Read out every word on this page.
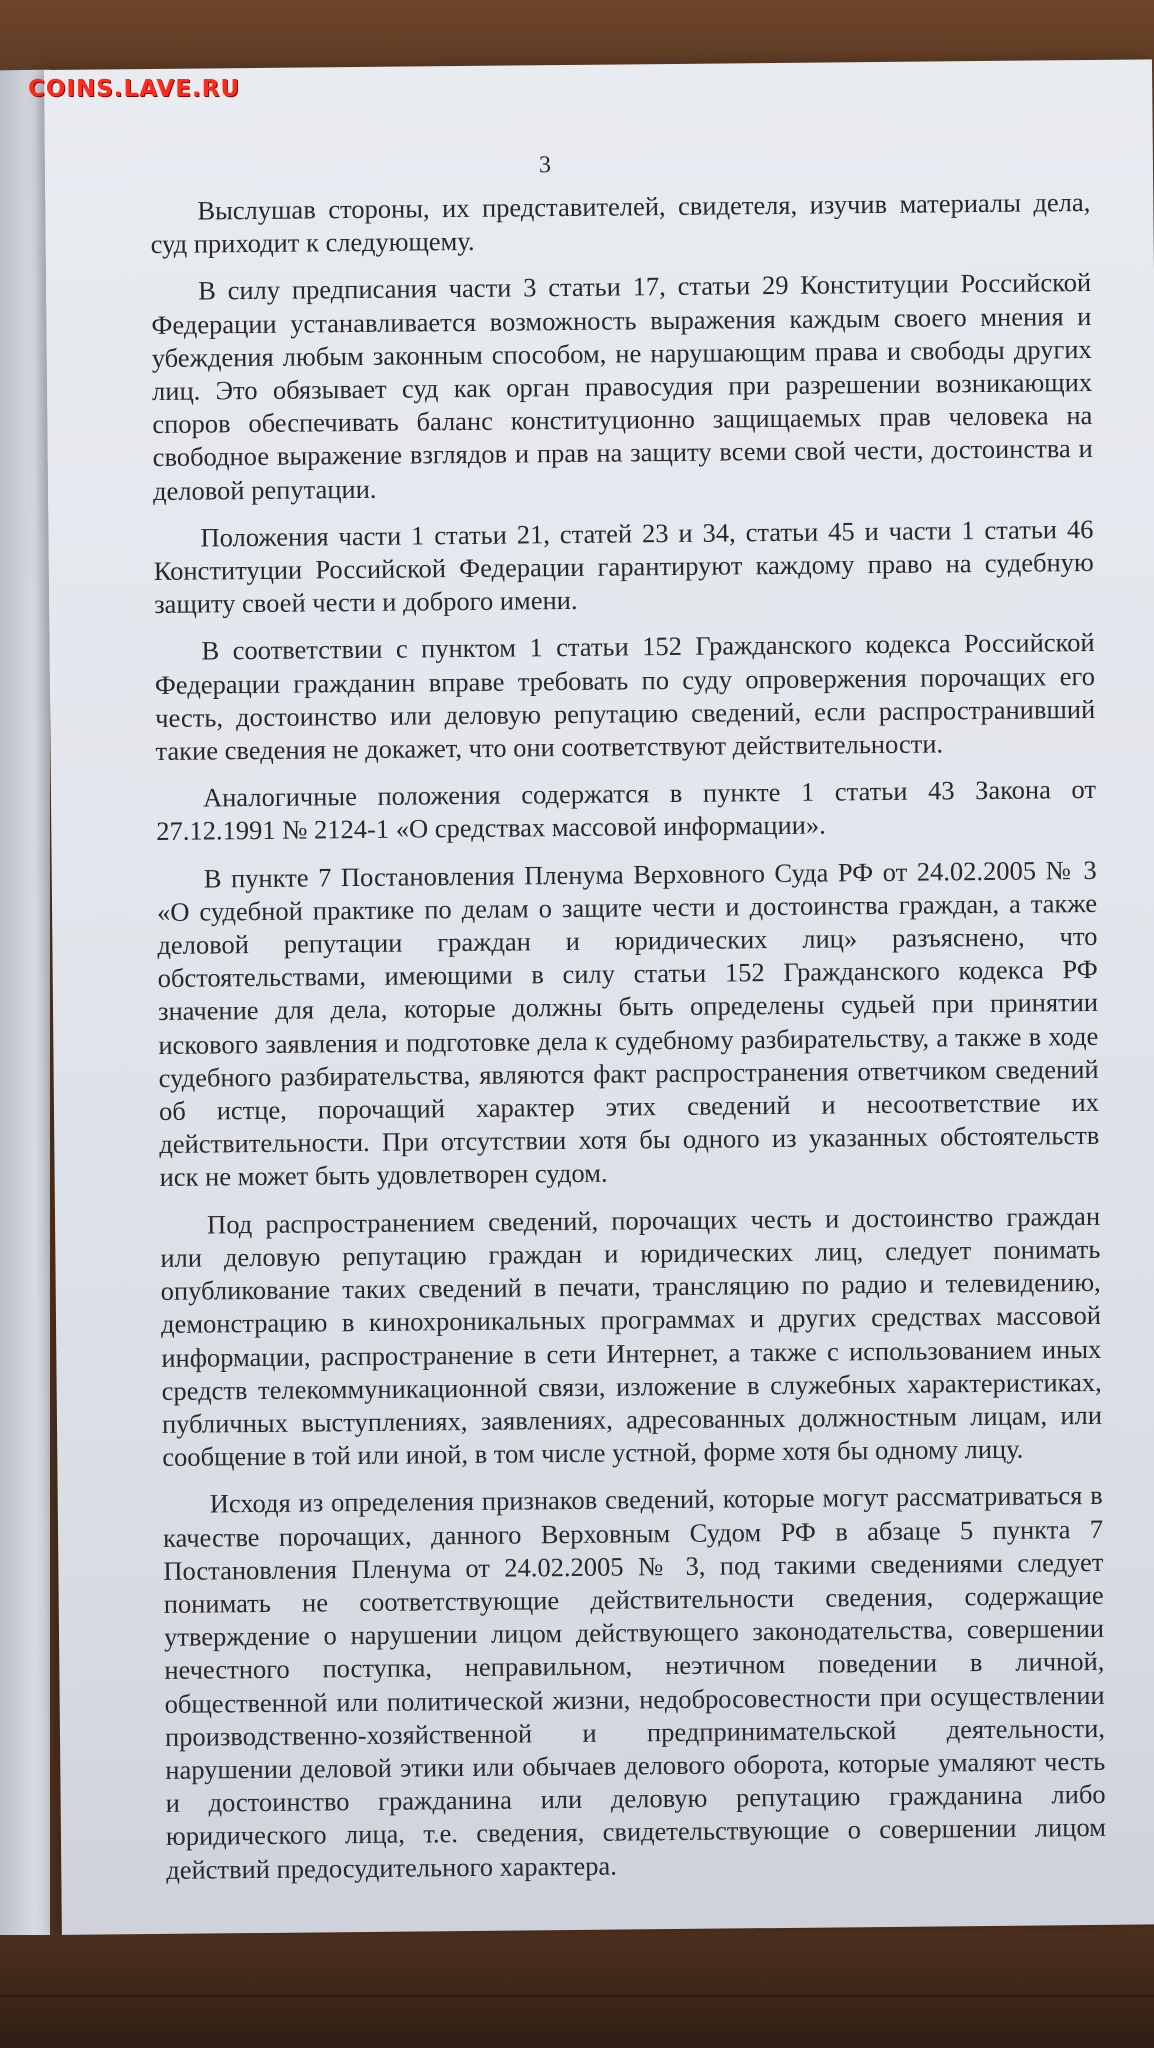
COINS.LAVE.RU
3

Выслушав стороны, их представителей, свидетеля, изучив материалы дела, суд приходит к следующему.

В силу предписания части 3 статьи 17, статьи 29 Конституции Российской Федерации устанавливается возможность выражения каждым своего мнения и убеждения любым законным способом, не нарушающим права и свободы других лиц. Это обязывает суд как орган правосудия при разрешении возникающих споров обеспечивать баланс конституционно защищаемых прав человека на свободное выражение взглядов и прав на защиту всеми свой чести, достоинства и деловой репутации.

Положения части 1 статьи 21, статей 23 и 34, статьи 45 и части 1 статьи 46 Конституции Российской Федерации гарантируют каждому право на судебную защиту своей чести и доброго имени.

В соответствии с пунктом 1 статьи 152 Гражданского кодекса Российской Федерации гражданин вправе требовать по суду опровержения порочащих его честь, достоинство или деловую репутацию сведений, если распространивший такие сведения не докажет, что они соответствуют действительности.

Аналогичные положения содержатся в пункте 1 статьи 43 Закона от 27.12.1991 № 2124-1 «О средствах массовой информации».

В пункте 7 Постановления Пленума Верховного Суда РФ от 24.02.2005 № 3 «О судебной практике по делам о защите чести и достоинства граждан, а также деловой репутации граждан и юридических лиц» разъяснено, что обстоятельствами, имеющими в силу статьи 152 Гражданского кодекса РФ значение для дела, которые должны быть определены судьей при принятии искового заявления и подготовке дела к судебному разбирательству, а также в ходе судебного разбирательства, являются факт распространения ответчиком сведений об истце, порочащий характер этих сведений и несоответствие их действительности. При отсутствии хотя бы одного из указанных обстоятельств иск не может быть удовлетворен судом.

Под распространением сведений, порочащих честь и достоинство граждан или деловую репутацию граждан и юридических лиц, следует понимать опубликование таких сведений в печати, трансляцию по радио и телевидению, демонстрацию в кинохроникальных программах и других средствах массовой информации, распространение в сети Интернет, а также с использованием иных средств телекоммуникационной связи, изложение в служебных характеристиках, публичных выступлениях, заявлениях, адресованных должностным лицам, или сообщение в той или иной, в том числе устной, форме хотя бы одному лицу.

Исходя из определения признаков сведений, которые могут рассматриваться в качестве порочащих, данного Верховным Судом РФ в абзаце 5 пункта 7 Постановления Пленума от 24.02.2005 № 3, под такими сведениями следует понимать не соответствующие действительности сведения, содержащие утверждение о нарушении лицом действующего законодательства, совершении нечестного поступка, неправильном, неэтичном поведении в личной, общественной или политической жизни, недобросовестности при осуществлении производственно-хозяйственной и предпринимательской деятельности, нарушении деловой этики или обычаев делового оборота, которые умаляют честь и достоинство гражданина или деловую репутацию гражданина либо юридического лица, т.е. сведения, свидетельствующие о совершении лицом действий предосудительного характера.
